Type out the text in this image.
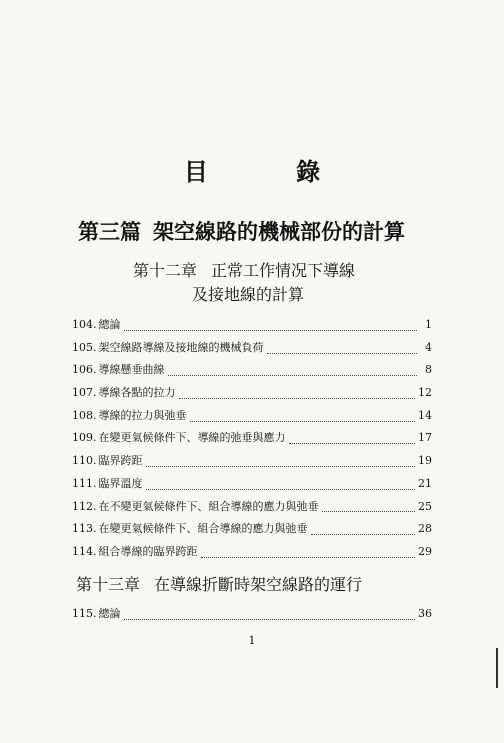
目 錄
第三篇 架空線路的機械部份的計算
第十二章 正常工作情况下導線
及接地線的計算
104. 總論	1
105. 架空線路導線及接地線的機械負荷	4
106. 導線懸垂曲線	8
107. 導線各點的拉力	12
108. 導線的拉力與弛垂	14
109. 在變更氣候條件下、導線的弛垂與應力	17
110. 臨界跨距	19
111. 臨界溫度	21
112. 在不變更氣候條件下、組合導線的應力與弛垂	25
113. 在變更氣候條件下、組合導線的應力與弛垂	28
114. 組合導線的臨界跨距	29
第十三章 在導線折斷時架空線路的運行
115. 總論	36
1
